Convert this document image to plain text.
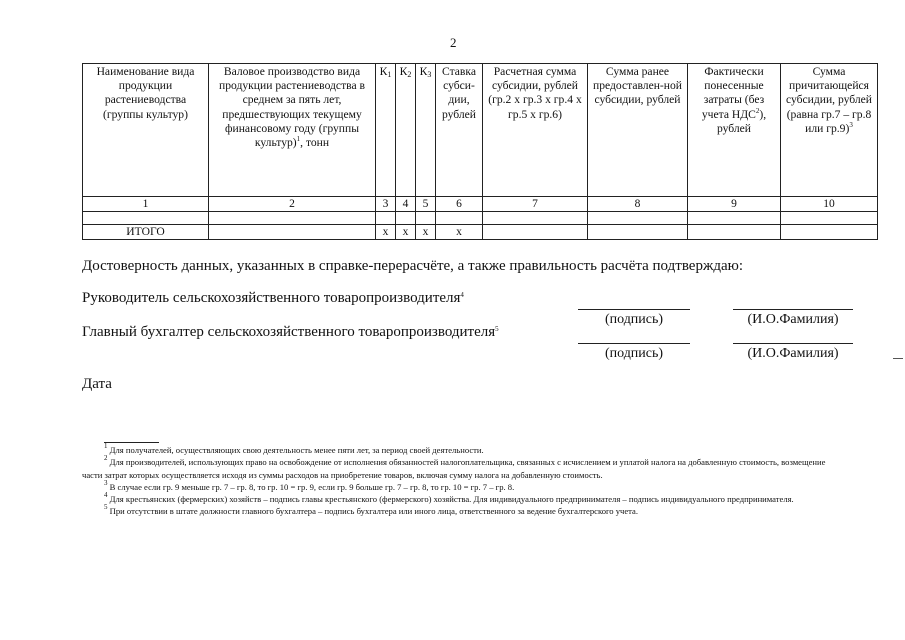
2
Наименование вида продукции растениеводства (группы культур)	Валовое производство вида продукции растениеводства в среднем за пять лет, предшествующих текущему финансовому году (группы культур)$^1$, тонн	$К_1$	$К_2$	$К_3$	Ставка субси-дии, рублей	Расчетная сумма субсидии, рублей (гр.2 х гр.3 х гр.4 х гр.5 х гр.6)	Сумма ранее предоставлен-ной субсидии, рублей	Фактически понесенные затраты (без учета НДС$^2$), рублей	Сумма причитающейся субсидии, рублей (равна гр.7 – гр.8 или гр.9)$^3$
1	2	3	4	5	6	7	8	9	10

ИТОГО		х	х	х	х				
Достоверность данных, указанных в справке-перерасчёте, а также правильность расчёта подтверждаю:
Руководитель сельскохозяйственного товаропроизводителя$^4$
(подпись)	(И.О.Фамилия)
Главный бухгалтер сельскохозяйственного товаропроизводителя$^5$
(подпись)	(И.О.Фамилия)
Дата

$^1$ Для получателей, осуществляющих свою деятельность менее пяти лет, за период своей деятельности.

$^2$ Для производителей, использующих право на освобождение от исполнения обязанностей налогоплательщика, связанных с исчислением и уплатой налога на добавленную стоимость, возмещение части затрат которых осуществляется исходя из суммы расходов на приобретение товаров, включая сумму налога на добавленную стоимость.

$^3$ В случае если гр. 9 меньше гр. 7 – гр. 8, то гр. 10 = гр. 9, если гр. 9 больше гр. 7 – гр. 8, то гр. 10 = гр. 7 – гр. 8.

$^4$ Для крестьянских (фермерских) хозяйств – подпись главы крестьянского (фермерского) хозяйства. Для индивидуального предпринимателя – подпись индивидуального предпринимателя.

$^5$ При отсутствии в штате должности главного бухгалтера – подпись бухгалтера или иного лица, ответственного за ведение бухгалтерского учета.
